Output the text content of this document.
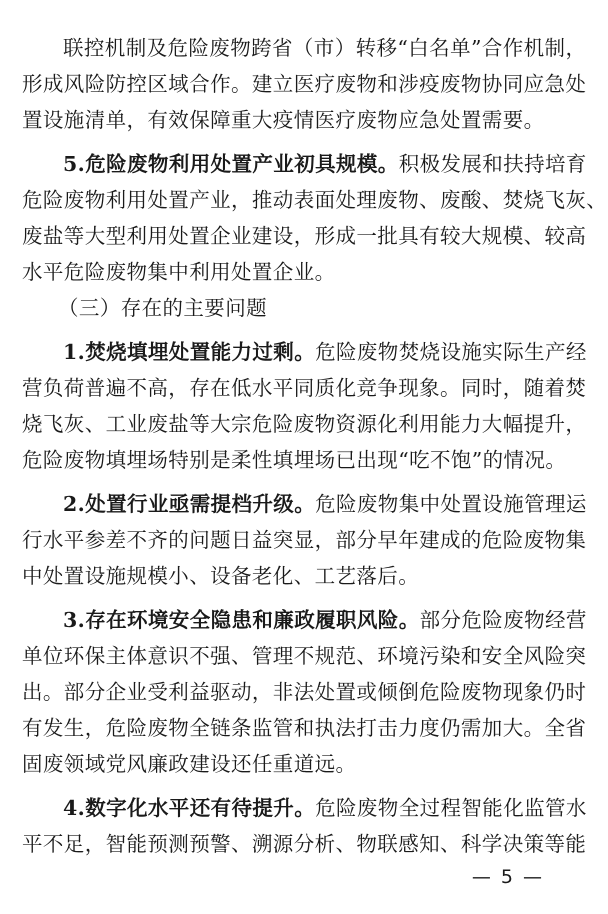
联控机制及危险废物跨省（市）转移“白名单”合作机制，
形成风险防控区域合作。建立医疗废物和涉疫废物协同应急处
置设施清单，有效保障重大疫情医疗废物应急处置需要。
5.危险废物利用处置产业初具规模。积极发展和扶持培育
危险废物利用处置产业，推动表面处理废物、废酸、焚烧飞灰、
废盐等大型利用处置企业建设，形成一批具有较大规模、较高
水平危险废物集中利用处置企业。
（三）存在的主要问题
1.焚烧填埋处置能力过剩。危险废物焚烧设施实际生产经
营负荷普遍不高，存在低水平同质化竞争现象。同时，随着焚
烧飞灰、工业废盐等大宗危险废物资源化利用能力大幅提升，
危险废物填埋场特别是柔性填埋场已出现“吃不饱”的情况。
2.处置行业亟需提档升级。危险废物集中处置设施管理运
行水平参差不齐的问题日益突显，部分早年建成的危险废物集
中处置设施规模小、设备老化、工艺落后。
3.存在环境安全隐患和廉政履职风险。部分危险废物经营
单位环保主体意识不强、管理不规范、环境污染和安全风险突
出。部分企业受利益驱动，非法处置或倾倒危险废物现象仍时
有发生，危险废物全链条监管和执法打击力度仍需加大。全省
固废领域党风廉政建设还任重道远。
4.数字化水平还有待提升。危险废物全过程智能化监管水
平不足，智能预测预警、溯源分析、物联感知、科学决策等能
— 5 —
